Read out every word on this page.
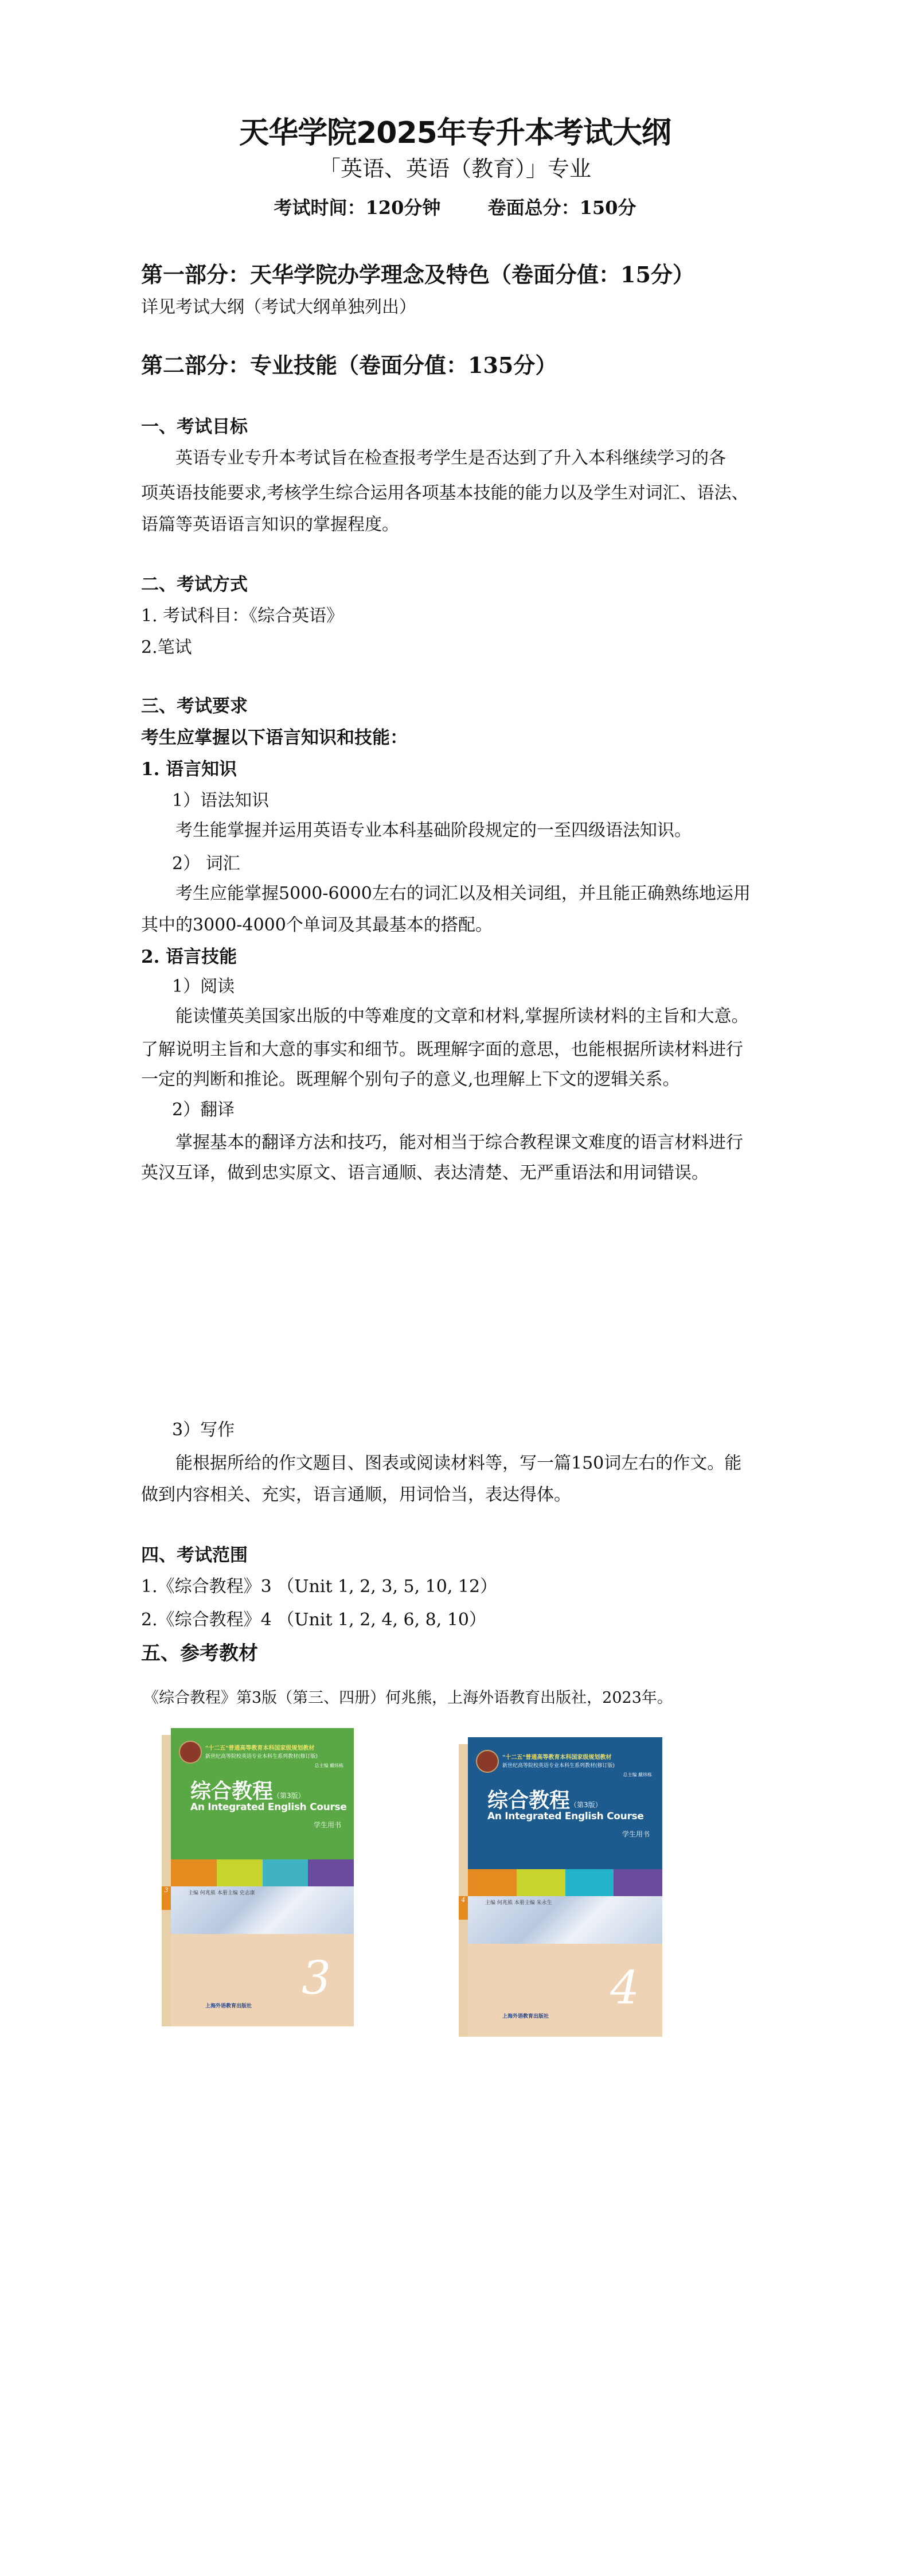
天华学院2025年专升本考试大纲
「英语、英语（教育）」专业
考试时间：120分钟	卷面总分：150分
第一部分：天华学院办学理念及特色（卷面分值：15分）
详见考试大纲（考试大纲单独列出）
第二部分：专业技能（卷面分值：135分）
一、考试目标
英语专业专升本考试旨在检查报考学生是否达到了升入本科继续学习的各
项英语技能要求,考核学生综合运用各项基本技能的能力以及学生对词汇、语法、
语篇等英语语言知识的掌握程度。
二、考试方式
1. 考试科目：《综合英语》
2.笔试
三、考试要求
考生应掌握以下语言知识和技能：
1. 语言知识
1）语法知识
考生能掌握并运用英语专业本科基础阶段规定的一至四级语法知识。
2） 词汇
考生应能掌握5000-6000左右的词汇以及相关词组，并且能正确熟练地运用
其中的3000-4000个单词及其最基本的搭配。
2. 语言技能
1）阅读
能读懂英美国家出版的中等难度的文章和材料,掌握所读材料的主旨和大意。
了解说明主旨和大意的事实和细节。既理解字面的意思，也能根据所读材料进行
一定的判断和推论。既理解个别句子的意义,也理解上下文的逻辑关系。
2）翻译
掌握基本的翻译方法和技巧，能对相当于综合教程课文难度的语言材料进行
英汉互译，做到忠实原文、语言通顺、表达清楚、无严重语法和用词错误。
3）写作
能根据所给的作文题目、图表或阅读材料等，写一篇150词左右的作文。能
做到内容相关、充实，语言通顺，用词恰当，表达得体。
四、考试范围
1.《综合教程》3 （Unit 1, 2, 3, 5, 10, 12）
2.《综合教程》4 （Unit 1, 2, 4, 6, 8, 10）
五、参考教材
《综合教程》第3版（第三、四册）何兆熊，上海外语教育出版社，2023年。
3
"十二五"普通高等教育本科国家级规划教材
新世纪高等院校英语专业本科生系列教材(修订版)
总主编 戴炜栋
综合教程（第3版）
An Integrated English Course
学生用书
主编 何兆熊 本册主编 史志康
3
上海外语教育出版社
4
"十二五"普通高等教育本科国家级规划教材
新世纪高等院校英语专业本科生系列教材(修订版)
总主编 戴炜栋
综合教程（第3版）
An Integrated English Course
学生用书
主编 何兆熊 本册主编 朱永生
4
上海外语教育出版社
